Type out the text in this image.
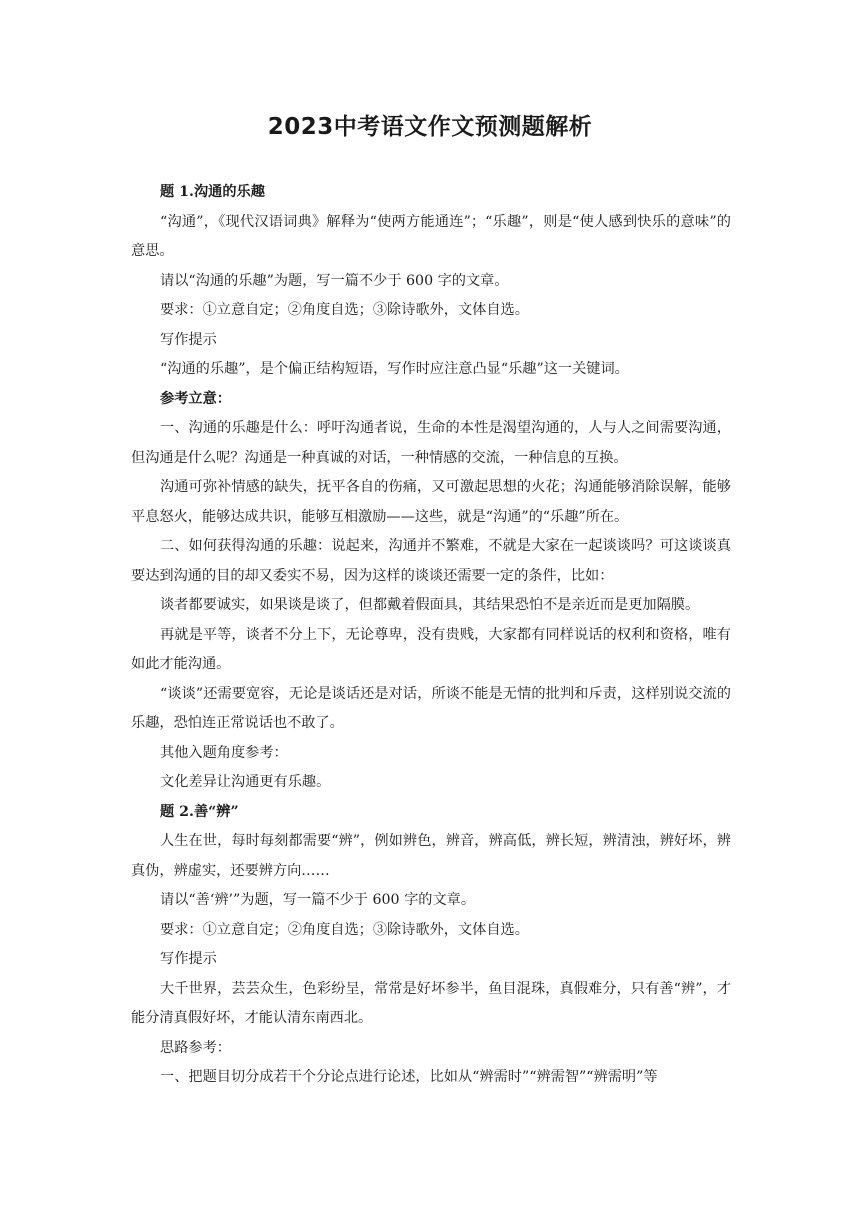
2023中考语文作文预测题解析

题 1.沟通的乐趣

“沟通”，《现代汉语词典》解释为“使两方能通连”；“乐趣”，则是“使人感到快乐的意味”的意思。

请以“沟通的乐趣”为题，写一篇不少于 600 字的文章。

要求：①立意自定；②角度自选；③除诗歌外，文体自选。

写作提示

“沟通的乐趣”，是个偏正结构短语，写作时应注意凸显“乐趣”这一关键词。

参考立意：

一、沟通的乐趣是什么：呼吁沟通者说，生命的本性是渴望沟通的，人与人之间需要沟通，但沟通是什么呢？沟通是一种真诚的对话，一种情感的交流，一种信息的互换。

沟通可弥补情感的缺失，抚平各自的伤痛，又可激起思想的火花；沟通能够消除误解，能够平息怒火，能够达成共识，能够互相激励——这些，就是“沟通”的“乐趣”所在。

二、如何获得沟通的乐趣：说起来，沟通并不繁难，不就是大家在一起谈谈吗？可这谈谈真要达到沟通的目的却又委实不易，因为这样的谈谈还需要一定的条件，比如：

谈者都要诚实，如果谈是谈了，但都戴着假面具，其结果恐怕不是亲近而是更加隔膜。

再就是平等，谈者不分上下，无论尊卑，没有贵贱，大家都有同样说话的权利和资格，唯有如此才能沟通。

“谈谈”还需要宽容，无论是谈话还是对话，所谈不能是无情的批判和斥责，这样别说交流的乐趣，恐怕连正常说话也不敢了。

其他入题角度参考：

文化差异让沟通更有乐趣。

题 2.善“辨”

人生在世，每时每刻都需要“辨”，例如辨色，辨音，辨高低，辨长短，辨清浊，辨好坏，辨真伪，辨虚实，还要辨方向……

请以“善‘辨’”为题，写一篇不少于 600 字的文章。

要求：①立意自定；②角度自选；③除诗歌外，文体自选。

写作提示

大千世界，芸芸众生，色彩纷呈，常常是好坏参半，鱼目混珠，真假难分，只有善“辨”，才能分清真假好坏，才能认清东南西北。

思路参考：

一、把题目切分成若干个分论点进行论述，比如从“辨需时”“辨需智”“辨需明”等
